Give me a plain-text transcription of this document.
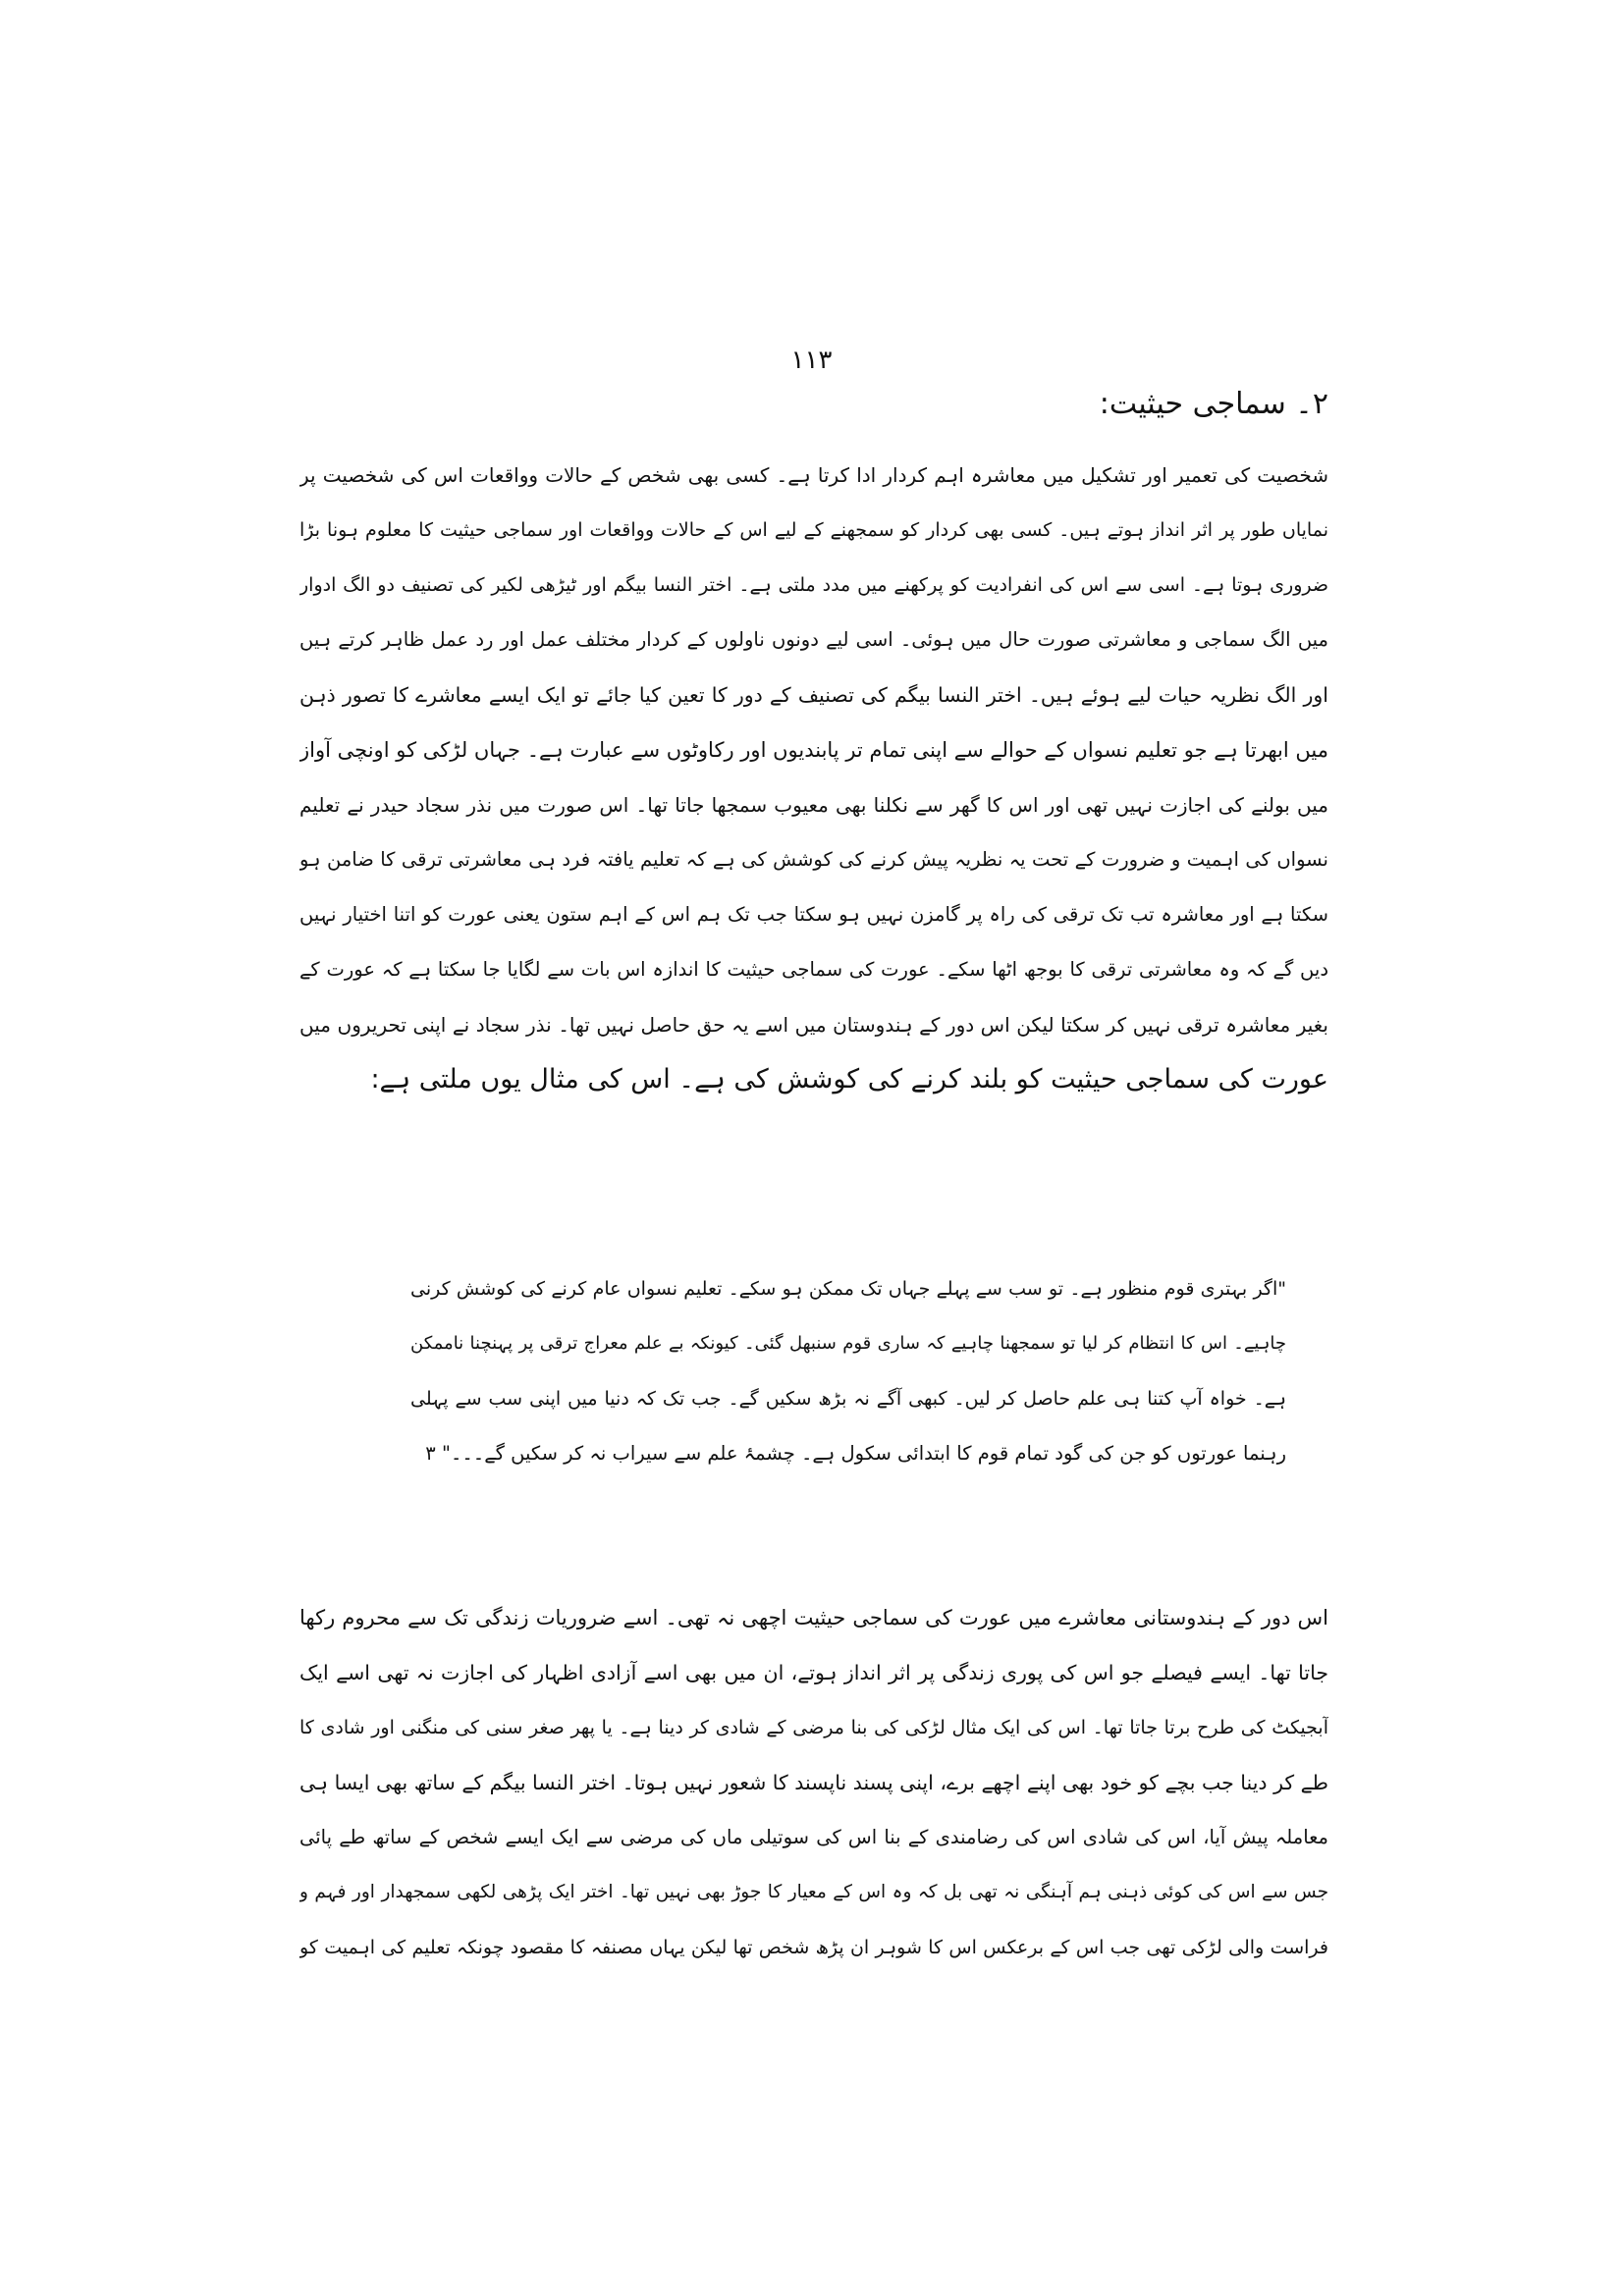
۱۱۳
۲۔ سماجی حیثیت:
شخصیت کی تعمیر اور تشکیل میں معاشرہ اہم کردار ادا کرتا ہے۔ کسی بھی شخص کے حالات وواقعات اس کی شخصیت پر
نمایاں طور پر اثر انداز ہوتے ہیں۔ کسی بھی کردار کو سمجھنے کے لیے اس کے حالات وواقعات اور سماجی حیثیت کا معلوم ہونا بڑا
ضروری ہوتا ہے۔ اسی سے اس کی انفرادیت کو پرکھنے میں مدد ملتی ہے۔ اختر النسا بیگم اور ٹیڑھی لکیر کی تصنیف دو الگ ادوار
میں الگ سماجی و معاشرتی صورت حال میں ہوئی۔ اسی لیے دونوں ناولوں کے کردار مختلف عمل اور رد عمل ظاہر کرتے ہیں
اور الگ نظریہ حیات لیے ہوئے ہیں۔ اختر النسا بیگم کی تصنیف کے دور کا تعین کیا جائے تو ایک ایسے معاشرے کا تصور ذہن
میں ابھرتا ہے جو تعلیم نسواں کے حوالے سے اپنی تمام تر پابندیوں اور رکاوٹوں سے عبارت ہے۔ جہاں لڑکی کو اونچی آواز
میں بولنے کی اجازت نہیں تھی اور اس کا گھر سے نکلنا بھی معیوب سمجھا جاتا تھا۔ اس صورت میں نذر سجاد حیدر نے تعلیم
نسواں کی اہمیت و ضرورت کے تحت یہ نظریہ پیش کرنے کی کوشش کی ہے کہ تعلیم یافتہ فرد ہی معاشرتی ترقی کا ضامن ہو
سکتا ہے اور معاشرہ تب تک ترقی کی راہ پر گامزن نہیں ہو سکتا جب تک ہم اس کے اہم ستون یعنی عورت کو اتنا اختیار نہیں
دیں گے کہ وہ معاشرتی ترقی کا بوجھ اٹھا سکے۔ عورت کی سماجی حیثیت کا اندازہ اس بات سے لگایا جا سکتا ہے کہ عورت کے
بغیر معاشرہ ترقی نہیں کر سکتا لیکن اس دور کے ہندوستان میں اسے یہ حق حاصل نہیں تھا۔ نذر سجاد نے اپنی تحریروں میں
عورت کی سماجی حیثیت کو بلند کرنے کی کوشش کی ہے۔ اس کی مثال یوں ملتی ہے:
"اگر بہتری قوم منظور ہے۔ تو سب سے پہلے جہاں تک ممکن ہو سکے۔ تعلیم نسواں عام کرنے کی کوشش کرنی
چاہیے۔ اس کا انتظام کر لیا تو سمجھنا چاہیے کہ ساری قوم سنبھل گئی۔ کیونکہ بے علم معراج ترقی پر پہنچنا ناممکن
ہے۔ خواہ آپ کتنا ہی علم حاصل کر لیں۔ کبھی آگے نہ بڑھ سکیں گے۔ جب تک کہ دنیا میں اپنی سب سے پہلی
رہنما عورتوں کو جن کی گود تمام قوم کا ابتدائی سکول ہے۔ چشمۂ علم سے سیراب نہ کر سکیں گے۔۔۔" ۳
اس دور کے ہندوستانی معاشرے میں عورت کی سماجی حیثیت اچھی نہ تھی۔ اسے ضروریات زندگی تک سے محروم رکھا
جاتا تھا۔ ایسے فیصلے جو اس کی پوری زندگی پر اثر انداز ہوتے، ان میں بھی اسے آزادی اظہار کی اجازت نہ تھی اسے ایک
آبجیکٹ کی طرح برتا جاتا تھا۔ اس کی ایک مثال لڑکی کی بنا مرضی کے شادی کر دینا ہے۔ یا پھر صغر سنی کی منگنی اور شادی کا
طے کر دینا جب بچے کو خود بھی اپنے اچھے برے، اپنی پسند ناپسند کا شعور نہیں ہوتا۔ اختر النسا بیگم کے ساتھ بھی ایسا ہی
معاملہ پیش آیا، اس کی شادی اس کی رضامندی کے بنا اس کی سوتیلی ماں کی مرضی سے ایک ایسے شخص کے ساتھ طے پائی
جس سے اس کی کوئی ذہنی ہم آہنگی نہ تھی بل کہ وہ اس کے معیار کا جوڑ بھی نہیں تھا۔ اختر ایک پڑھی لکھی سمجھدار اور فہم و
فراست والی لڑکی تھی جب اس کے برعکس اس کا شوہر ان پڑھ شخص تھا لیکن یہاں مصنفہ کا مقصود چونکہ تعلیم کی اہمیت کو
